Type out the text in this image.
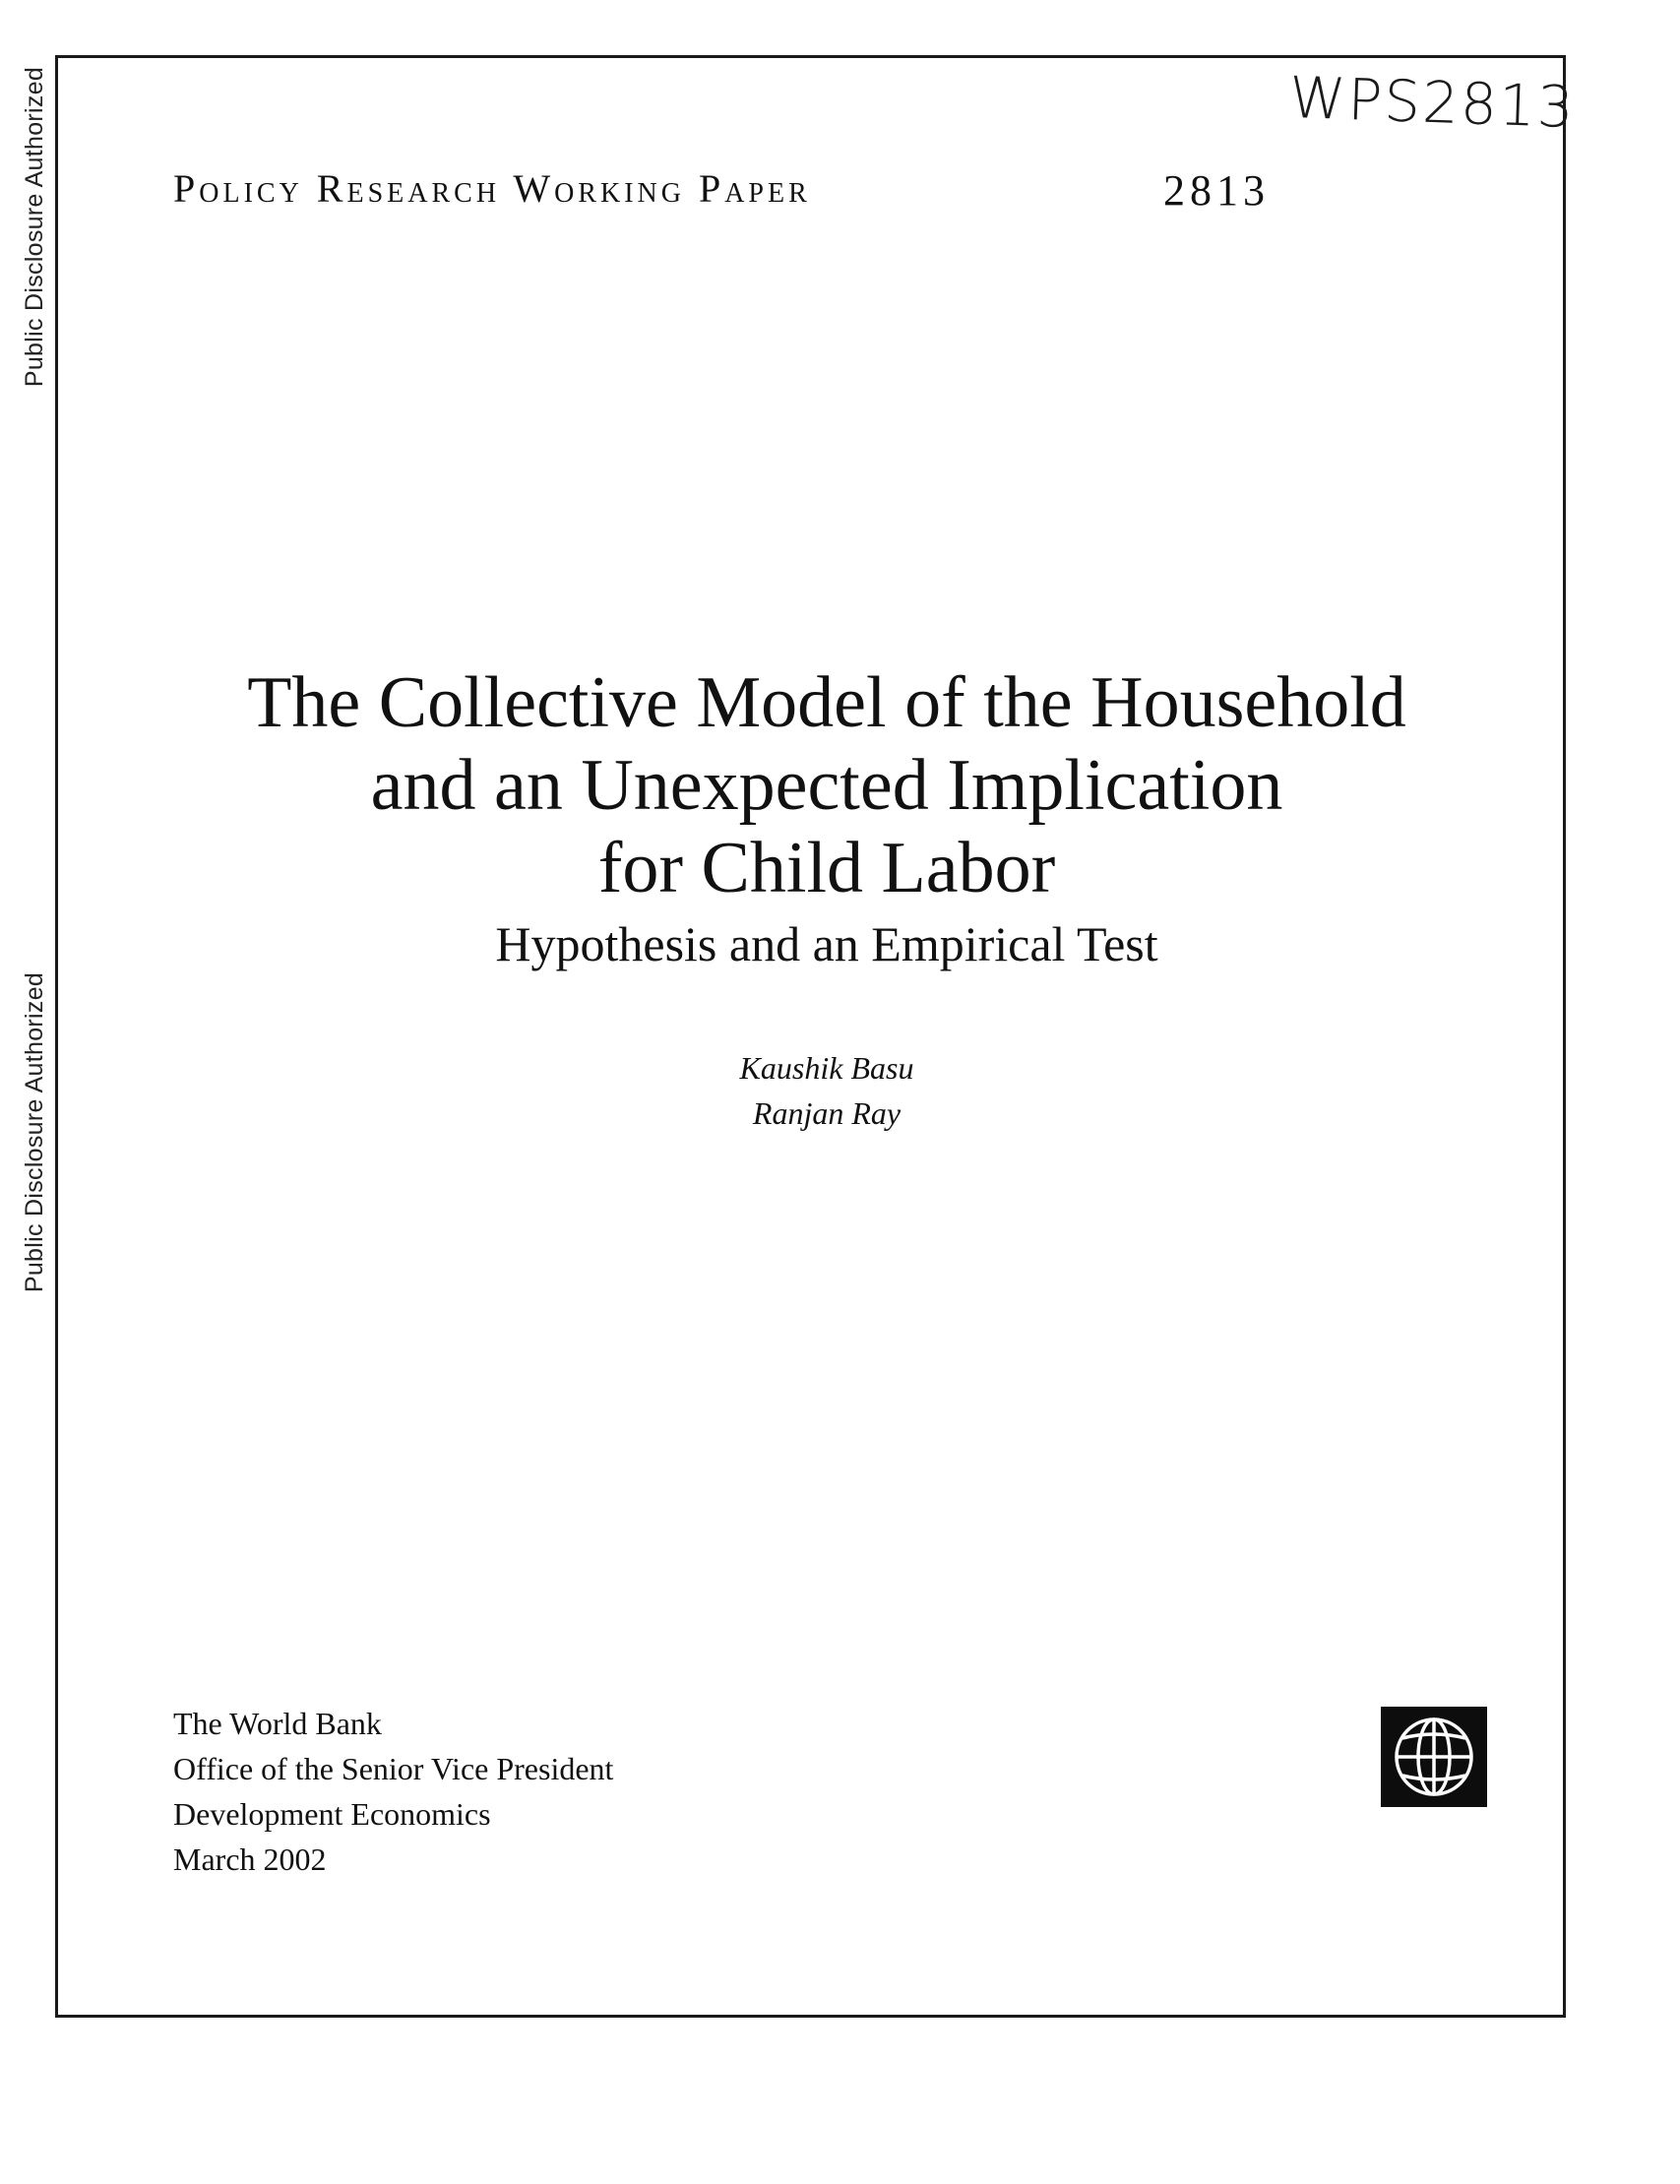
Public Disclosure Authorized
Public Disclosure Authorized
WPS2813
Policy Research Working Paper	2813
The Collective Model of the Household
and an Unexpected Implication
for Child Labor
Hypothesis and an Empirical Test
Kaushik Basu
Ranjan Ray
The World Bank
Office of the Senior Vice President
Development Economics
March 2002
